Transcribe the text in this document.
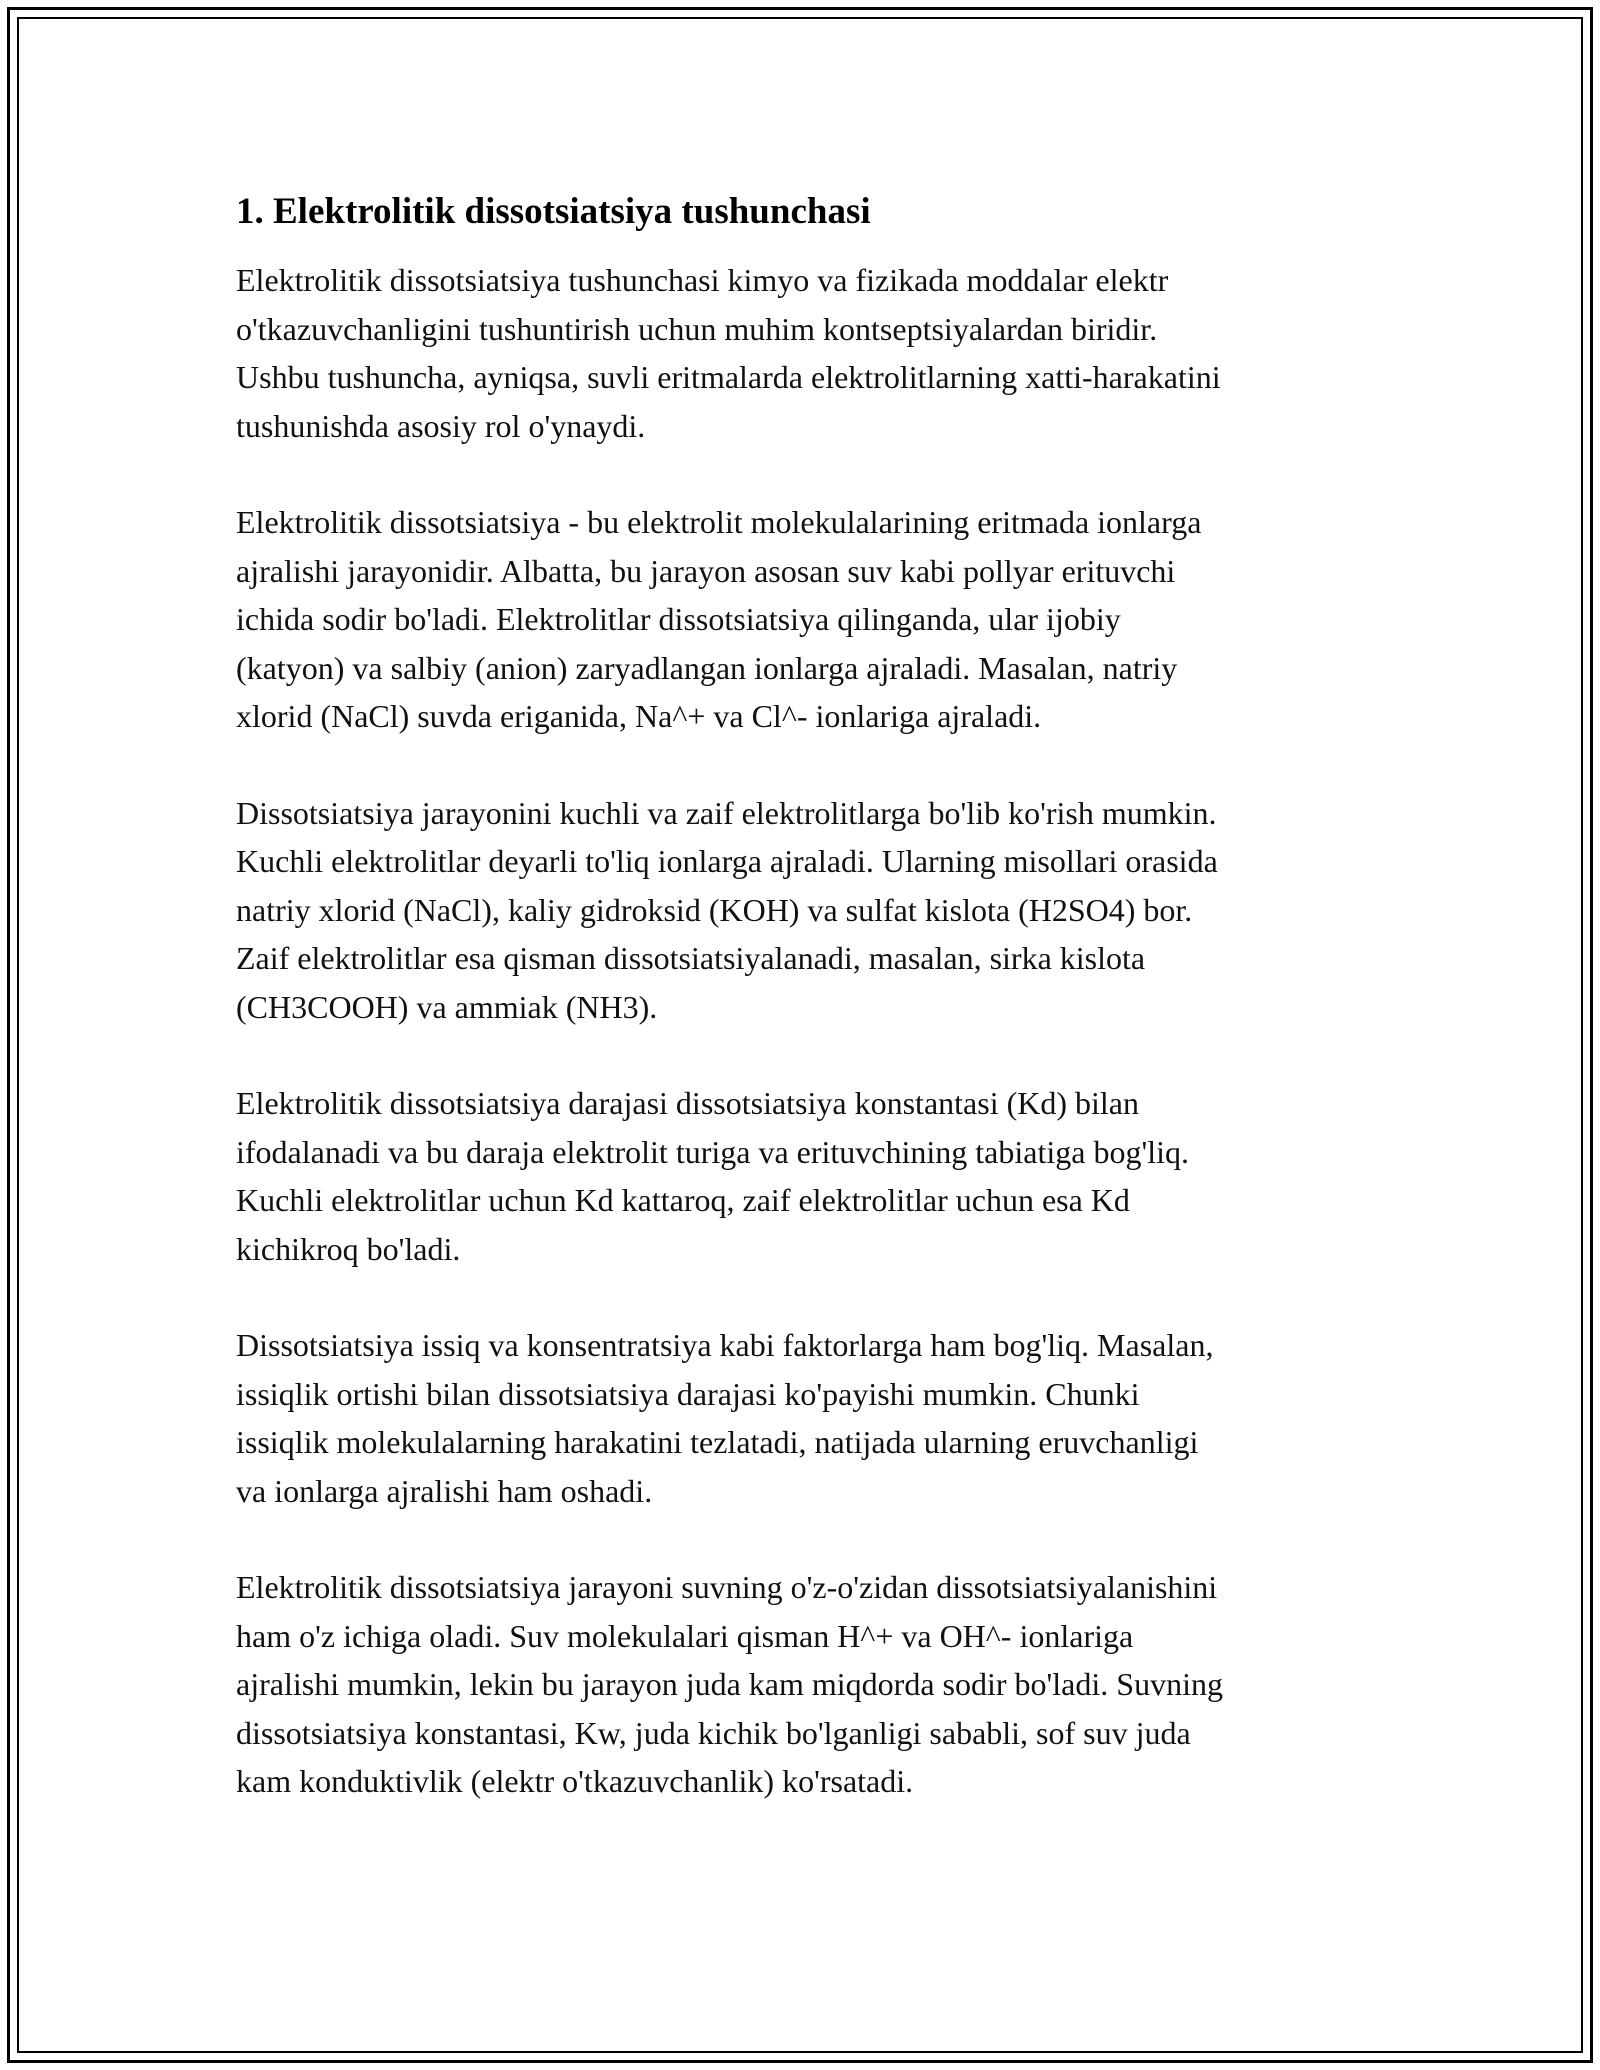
1. Elektrolitik dissotsiatsiya tushunchasi
Elektrolitik dissotsiatsiya tushunchasi kimyo va fizikada moddalar elektr
o'tkazuvchanligini tushuntirish uchun muhim kontseptsiyalardan biridir.
Ushbu tushuncha, ayniqsa, suvli eritmalarda elektrolitlarning xatti-harakatini
tushunishda asosiy rol o'ynaydi.
Elektrolitik dissotsiatsiya - bu elektrolit molekulalarining eritmada ionlarga
ajralishi jarayonidir. Albatta, bu jarayon asosan suv kabi pollyar erituvchi
ichida sodir bo'ladi. Elektrolitlar dissotsiatsiya qilinganda, ular ijobiy
(katyon) va salbiy (anion) zaryadlangan ionlarga ajraladi. Masalan, natriy
xlorid (NaCl) suvda eriganida, Na^+ va Cl^- ionlariga ajraladi.
Dissotsiatsiya jarayonini kuchli va zaif elektrolitlarga bo'lib ko'rish mumkin.
Kuchli elektrolitlar deyarli to'liq ionlarga ajraladi. Ularning misollari orasida
natriy xlorid (NaCl), kaliy gidroksid (KOH) va sulfat kislota (H2SO4) bor.
Zaif elektrolitlar esa qisman dissotsiatsiyalanadi, masalan, sirka kislota
(CH3COOH) va ammiak (NH3).
Elektrolitik dissotsiatsiya darajasi dissotsiatsiya konstantasi (Kd) bilan
ifodalanadi va bu daraja elektrolit turiga va erituvchining tabiatiga bog'liq.
Kuchli elektrolitlar uchun Kd kattaroq, zaif elektrolitlar uchun esa Kd
kichikroq bo'ladi.
Dissotsiatsiya issiq va konsentratsiya kabi faktorlarga ham bog'liq. Masalan,
issiqlik ortishi bilan dissotsiatsiya darajasi ko'payishi mumkin. Chunki
issiqlik molekulalarning harakatini tezlatadi, natijada ularning eruvchanligi
va ionlarga ajralishi ham oshadi.
Elektrolitik dissotsiatsiya jarayoni suvning o'z-o'zidan dissotsiatsiyalanishini
ham o'z ichiga oladi. Suv molekulalari qisman H^+ va OH^- ionlariga
ajralishi mumkin, lekin bu jarayon juda kam miqdorda sodir bo'ladi. Suvning
dissotsiatsiya konstantasi, Kw, juda kichik bo'lganligi sababli, sof suv juda
kam konduktivlik (elektr o'tkazuvchanlik) ko'rsatadi.
